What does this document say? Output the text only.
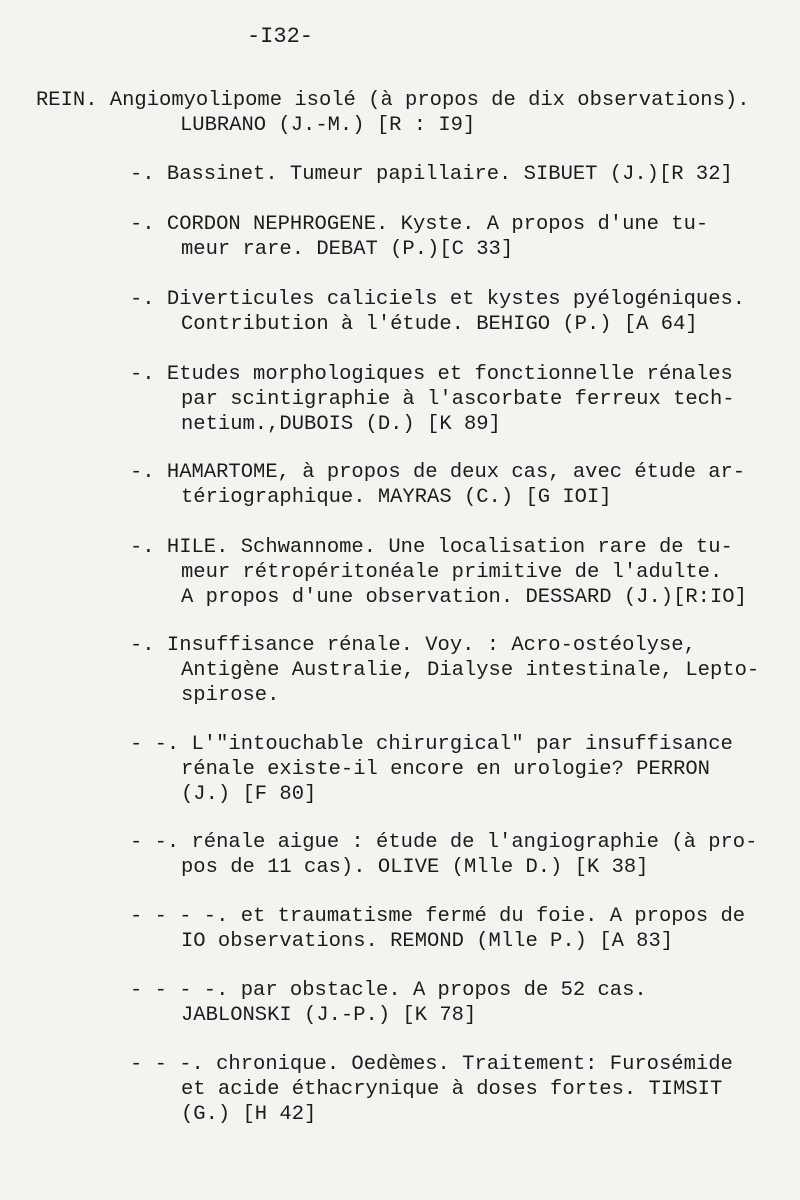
-I32-
REIN. Angiomyolipome isolé (à propos de dix observations).
LUBRANO (J.-M.) [R : I9]
-. Bassinet. Tumeur papillaire. SIBUET (J.)[R 32]
-. CORDON NEPHROGENE. Kyste. A propos d'une tu-
meur rare. DEBAT (P.)[C 33]
-. Diverticules caliciels et kystes pyélogéniques.
Contribution à l'étude. BEHIGO (P.) [A 64]
-. Etudes morphologiques et fonctionnelle rénales
par scintigraphie à l'ascorbate ferreux tech-
netium.,DUBOIS (D.) [K 89]
-. HAMARTOME, à propos de deux cas, avec étude ar-
tériographique. MAYRAS (C.) [G IOI]
-. HILE. Schwannome. Une localisation rare de tu-
meur rétropéritonéale primitive de l'adulte.
A propos d'une observation. DESSARD (J.)[R:IO]
-. Insuffisance rénale. Voy. : Acro-ostéolyse,
Antigène Australie, Dialyse intestinale, Lepto-
spirose.
- -. L'"intouchable chirurgical" par insuffisance
rénale existe-il encore en urologie? PERRON
(J.) [F 80]
- -. rénale aigue : étude de l'angiographie (à pro-
pos de 11 cas). OLIVE (Mlle D.) [K 38]
- - - -. et traumatisme fermé du foie. A propos de
IO observations. REMOND (Mlle P.) [A 83]
- - - -. par obstacle. A propos de 52 cas.
JABLONSKI (J.-P.) [K 78]
- - -. chronique. Oedèmes. Traitement: Furosémide
et acide éthacrynique à doses fortes. TIMSIT
(G.) [H 42]
